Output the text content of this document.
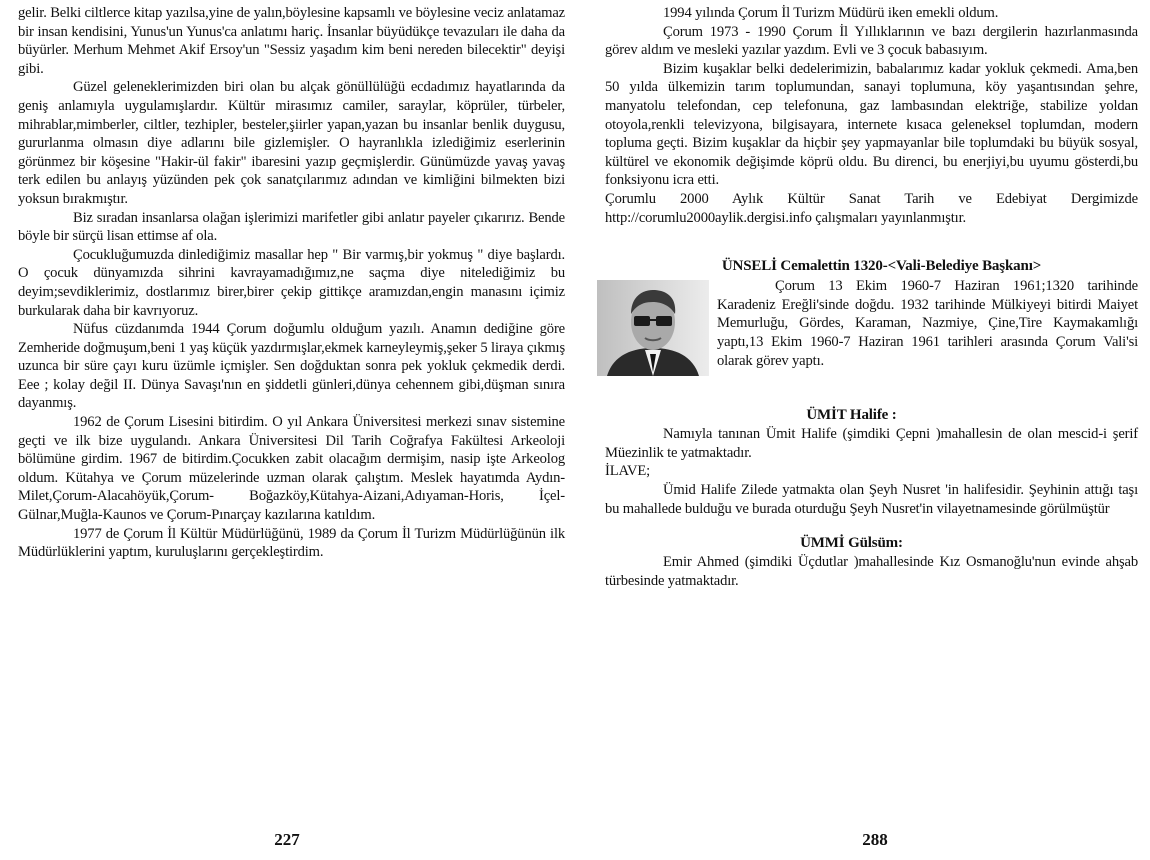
gelir. Belki ciltlerce kitap yazılsa,yine de yalın,böylesine kapsamlı ve böylesine veciz anlatamaz bir insan kendisini, Yunus'un Yunus'ca anlatımı hariç. İnsanlar büyüdükçe tevazuları ile daha da büyürler. Merhum Mehmet Akif Ersoy'un "Sessiz yaşadım kim beni nereden bilecektir" deyişi gibi.

Güzel geleneklerimizden biri olan bu alçak gönüllülüğü ecdadımız hayatlarında da geniş anlamıyla uygulamışlardır. Kültür mirasımız camiler, saraylar, köprüler, türbeler, mihrablar,mimberler, ciltler, tezhipler, besteler,şiirler yapan,yazan bu insanlar benlik duygusu, gururlanma olmasın diye adlarını bile gizlemişler. O hayranlıkla izlediğimiz eserlerinin görünmez bir köşesine "Hakir-ül fakir" ibaresini yazıp geçmişlerdir. Günümüzde yavaş yavaş terk edilen bu anlayış yüzünden pek çok sanatçılarımız adından ve kimliğini bilmekten bizi yoksun bırakmıştır.

Biz sıradan insanlarsa olağan işlerimizi marifetler gibi anlatır payeler çıkarırız. Bende böyle bir sürçü lisan ettimse af ola.

Çocukluğumuzda dinlediğimiz masallar hep " Bir varmış,bir yokmuş " diye başlardı. O çocuk dünyamızda sihrini kavrayamadığımız,ne saçma diye nitelediğimiz bu deyim;sevdiklerimiz, dostlarımız birer,birer çekip gittikçe aramızdan,engin manasını içimiz burkularak daha bir kavrıyoruz.

Nüfus cüzdanımda 1944 Çorum doğumlu olduğum yazılı. Anamın dediğine göre Zemheride doğmuşum,beni 1 yaş küçük yazdırmışlar,ekmek karneyleymiş,şeker 5 liraya çıkmış uzunca bir süre çayı kuru üzümle içmişler. Sen doğduktan sonra pek yokluk çekmedik derdi. Eee ; kolay değil II. Dünya Savaşı'nın en şiddetli günleri,dünya cehennem gibi,düşman sınıra dayanmış.

1962 de Çorum Lisesini bitirdim. O yıl Ankara Üniversitesi merkezi sınav sistemine geçti ve ilk bize uygulandı. Ankara Üniversitesi Dil Tarih Coğrafya Fakültesi Arkeoloji bölümüne girdim. 1967 de bitirdim.Çocukken zabit olacağım dermişim, nasip işte Arkeolog oldum. Kütahya ve Çorum müzelerinde uzman olarak çalıştım. Meslek hayatımda Aydın-Milet,Çorum-Alacahöyük,Çorum- Boğazköy,Kütahya-Aizani,Adıyaman-Horis, İçel- Gülnar,Muğla-Kaunos ve Çorum-Pınarçay kazılarına katıldım.

1977 de Çorum İl Kültür Müdürlüğünü, 1989 da Çorum İl Turizm Müdürlüğünün ilk Müdürlüklerini yaptım, kuruluşlarını gerçekleştirdim.

227

1994 yılında Çorum İl Turizm Müdürü iken emekli oldum.

Çorum 1973 - 1990 Çorum İl Yıllıklarının ve bazı dergilerin hazırlanmasında görev aldım ve mesleki yazılar yazdım. Evli ve 3 çocuk babasıyım.

Bizim kuşaklar belki dedelerimizin, babalarımız kadar yokluk çekmedi. Ama,ben 50 yılda ülkemizin tarım toplumundan, sanayi toplumuna, köy yaşantısından şehre, manyatolu telefondan, cep telefonuna, gaz lambasından elektriğe, stabilize yoldan otoyola,renkli televizyona, bilgisayara, internete kısaca geleneksel toplumdan, modern topluma geçti. Bizim kuşaklar da hiçbir şey yapmayanlar bile toplumdaki bu büyük sosyal, kültürel ve ekonomik değişimde köprü oldu. Bu direnci, bu enerjiyi,bu uyumu gösterdi,bu fonksiyonu icra etti.

Çorumlu 2000 Aylık Kültür Sanat Tarih ve Edebiyat Dergimizde http://corumlu2000aylik.dergisi.info çalışmaları yayınlanmıştır.

ÜNSELİ Cemalettin 1320-<Vali-Belediye Başkanı>

Çorum 13 Ekim 1960-7 Haziran 1961;1320 tarihinde Karadeniz Ereğli'sinde doğdu. 1932 tarihinde Mülkiyeyi bitirdi Maiyet Memurluğu, Gördes, Karaman, Nazmiye, Çine,Tire Kaymakamlığı yaptı,13 Ekim 1960-7 Haziran 1961 tarihleri arasında Çorum Vali'si olarak görev yaptı.

ÜMİT Halife :

Namıyla tanınan Ümit Halife (şimdiki Çepni )mahallesin de olan mescid-i şerif Müezinlik te yatmaktadır.

İLAVE;

Ümid Halife Zilede yatmakta olan Şeyh Nusret 'in halifesidir. Şeyhinin attığı taşı bu mahallede bulduğu ve burada oturduğu Şeyh Nusret'in vilayetnamesinde görülmüştür

ÜMMİ Gülsüm:

Emir Ahmed (şimdiki Üçdutlar )mahallesinde Kız Osmanoğlu'nun evinde ahşab türbesinde yatmaktadır.

288
